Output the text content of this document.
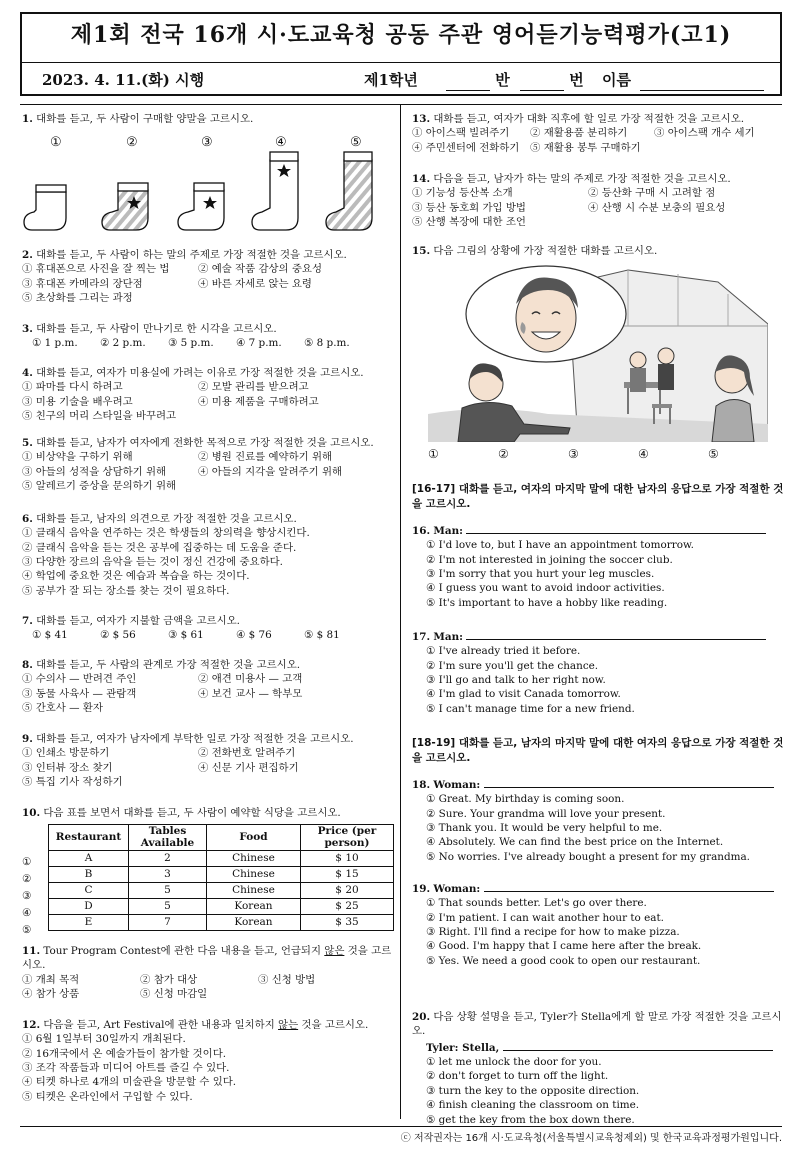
제1회 전국 16개 시·도교육청 공동 주관 영어듣기능력평가(고1)
2023. 4. 11.(화) 시행	제1학년	반	번 이름
1. 대화를 듣고, 두 사람이 구매할 양말을 고르시오.
①	②	③	④	⑤
2. 대화를 듣고, 두 사람이 하는 말의 주제로 가장 적절한 것을 고르시오.
① 휴대폰으로 사진을 잘 찍는 법	② 예술 작품 감상의 중요성
③ 휴대폰 카메라의 장단점	④ 바른 자세로 앉는 요령
⑤ 초상화를 그리는 과정
3. 대화를 듣고, 두 사람이 만나기로 한 시각을 고르시오.
① 1 p.m.	② 2 p.m.	③ 5 p.m.	④ 7 p.m.	⑤ 8 p.m.
4. 대화를 듣고, 여자가 미용실에 가려는 이유로 가장 적절한 것을 고르시오.
① 파마를 다시 하려고	② 모발 관리를 받으려고
③ 미용 기술을 배우려고	④ 미용 제품을 구매하려고
⑤ 친구의 머리 스타일을 바꾸려고
5. 대화를 듣고, 남자가 여자에게 전화한 목적으로 가장 적절한 것을 고르시오.
① 비상약을 구하기 위해	② 병원 진료를 예약하기 위해
③ 아들의 성적을 상담하기 위해	④ 아들의 지각을 알려주기 위해
⑤ 알레르기 증상을 문의하기 위해
6. 대화를 듣고, 남자의 의견으로 가장 적절한 것을 고르시오.
① 클래식 음악을 연주하는 것은 학생들의 창의력을 향상시킨다.
② 클래식 음악을 듣는 것은 공부에 집중하는 데 도움을 준다.
③ 다양한 장르의 음악을 듣는 것이 정신 건강에 중요하다.
④ 학업에 중요한 것은 예습과 복습을 하는 것이다.
⑤ 공부가 잘 되는 장소를 찾는 것이 필요하다.
7. 대화를 듣고, 여자가 지불할 금액을 고르시오.
① $ 41	② $ 56	③ $ 61	④ $ 76	⑤ $ 81
8. 대화를 듣고, 두 사람의 관계로 가장 적절한 것을 고르시오.
① 수의사 — 반려견 주인	② 애견 미용사 — 고객
③ 동물 사육사 — 관람객	④ 보건 교사 — 학부모
⑤ 간호사 — 환자
9. 대화를 듣고, 여자가 남자에게 부탁한 일로 가장 적절한 것을 고르시오.
① 인쇄소 방문하기	② 전화번호 알려주기
③ 인터뷰 장소 찾기	④ 신문 기사 편집하기
⑤ 특집 기사 작성하기
10. 다음 표를 보면서 대화를 듣고, 두 사람이 예약할 식당을 고르시오.
①
②
③
④
⑤
Restaurant	Tables Available	Food	Price (per person)
A	2	Chinese	$ 10
B	3	Chinese	$ 15
C	5	Chinese	$ 20
D	5	Korean	$ 25
E	7	Korean	$ 35
11. Tour Program Contest에 관한 다음 내용을 듣고, 언급되지 않은 것을 고르시오.
① 개최 목적	② 참가 대상	③ 신청 방법
④ 참가 상품	⑤ 신청 마감일
12. 다음을 듣고, Art Festival에 관한 내용과 일치하지 않는 것을 고르시오.
① 6월 1일부터 30일까지 개최된다.
② 16개국에서 온 예술가들이 참가할 것이다.
③ 조각 작품들과 미디어 아트를 즐길 수 있다.
④ 티켓 하나로 4개의 미술관을 방문할 수 있다.
⑤ 티켓은 온라인에서 구입할 수 있다.
13. 대화를 듣고, 여자가 대화 직후에 할 일로 가장 적절한 것을 고르시오.
① 아이스팩 빌려주기	② 재활용품 분리하기	③ 아이스팩 개수 세기
④ 주민센터에 전화하기	⑤ 재활용 봉투 구매하기
14. 다음을 듣고, 남자가 하는 말의 주제로 가장 적절한 것을 고르시오.
① 기능성 등산복 소개	② 등산화 구매 시 고려할 점
③ 등산 동호회 가입 방법	④ 산행 시 수분 보충의 필요성
⑤ 산행 복장에 대한 조언
15. 다음 그림의 상황에 가장 적절한 대화를 고르시오.
①	②	③	④	⑤
[16-17] 대화를 듣고, 여자의 마지막 말에 대한 남자의 응답으로 가장 적절한 것을 고르시오.
16. Man:
① I'd love to, but I have an appointment tomorrow.
② I'm not interested in joining the soccer club.
③ I'm sorry that you hurt your leg muscles.
④ I guess you want to avoid indoor activities.
⑤ It's important to have a hobby like reading.
17. Man:
① I've already tried it before.
② I'm sure you'll get the chance.
③ I'll go and talk to her right now.
④ I'm glad to visit Canada tomorrow.
⑤ I can't manage time for a new friend.
[18-19] 대화를 듣고, 남자의 마지막 말에 대한 여자의 응답으로 가장 적절한 것을 고르시오.
18. Woman:
① Great. My birthday is coming soon.
② Sure. Your grandma will love your present.
③ Thank you. It would be very helpful to me.
④ Absolutely. We can find the best price on the Internet.
⑤ No worries. I've already bought a present for my grandma.
19. Woman:
① That sounds better. Let's go over there.
② I'm patient. I can wait another hour to eat.
③ Right. I'll find a recipe for how to make pizza.
④ Good. I'm happy that I came here after the break.
⑤ Yes. We need a good cook to open our restaurant.
20. 다음 상황 설명을 듣고, Tyler가 Stella에게 할 말로 가장 적절한 것을 고르시오.
Tyler: Stella,
① let me unlock the door for you.
② don't forget to turn off the light.
③ turn the key to the opposite direction.
④ finish cleaning the classroom on time.
⑤ get the key from the box down there.
ⓒ 저작권자는 16개 시·도교육청(서울특별시교육청제외) 및 한국교육과정평가원입니다.
